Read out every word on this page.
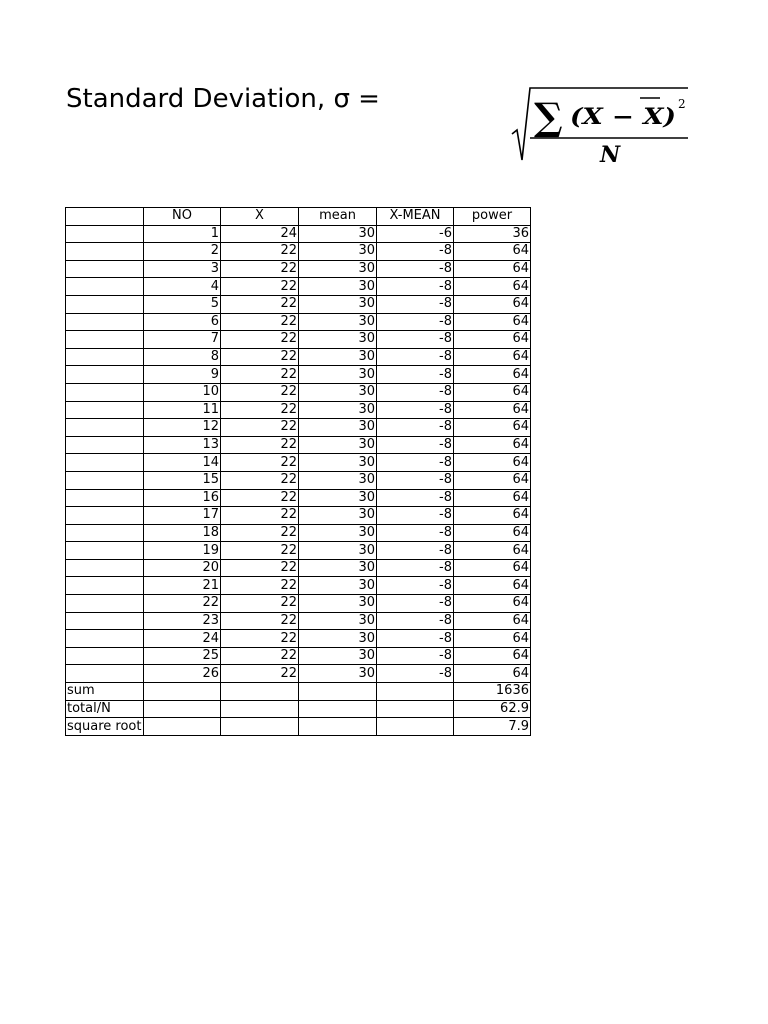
Standard Deviation, σ =	∑ (X − X) 2
N
	NO	X	mean	X-MEAN	power
	1	24	30	-6	36
	2	22	30	-8	64
	3	22	30	-8	64
	4	22	30	-8	64
	5	22	30	-8	64
	6	22	30	-8	64
	7	22	30	-8	64
	8	22	30	-8	64
	9	22	30	-8	64
	10	22	30	-8	64
	11	22	30	-8	64
	12	22	30	-8	64
	13	22	30	-8	64
	14	22	30	-8	64
	15	22	30	-8	64
	16	22	30	-8	64
	17	22	30	-8	64
	18	22	30	-8	64
	19	22	30	-8	64
	20	22	30	-8	64
	21	22	30	-8	64
	22	22	30	-8	64
	23	22	30	-8	64
	24	22	30	-8	64
	25	22	30	-8	64
	26	22	30	-8	64
sum					1636
total/N					62.9
square root					7.9
